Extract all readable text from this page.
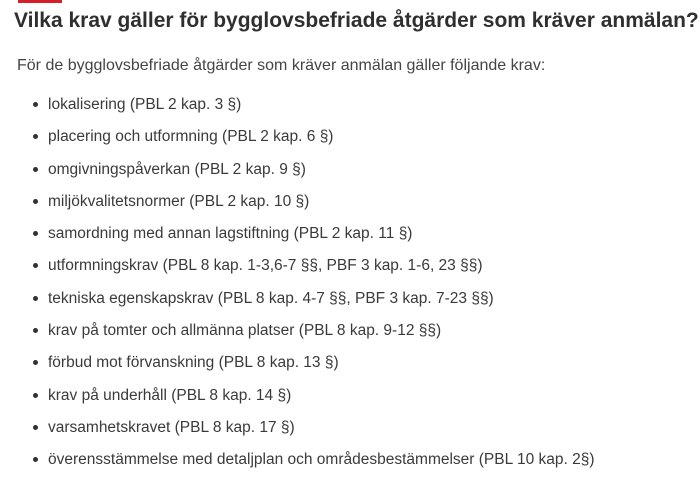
Vilka krav gäller för bygglovsbefriade åtgärder som kräver anmälan?

För de bygglovsbefriade åtgärder som kräver anmälan gäller följande krav:

lokalisering (PBL 2 kap. 3 §)
placering och utformning (PBL 2 kap. 6 §)
omgivningspåverkan (PBL 2 kap. 9 §)
miljökvalitetsnormer (PBL 2 kap. 10 §)
samordning med annan lagstiftning (PBL 2 kap. 11 §)
utformningskrav (PBL 8 kap. 1-3,6-7 §§, PBF 3 kap. 1-6, 23 §§)
tekniska egenskapskrav (PBL 8 kap. 4-7 §§, PBF 3 kap. 7-23 §§)
krav på tomter och allmänna platser (PBL 8 kap. 9-12 §§)
förbud mot förvanskning (PBL 8 kap. 13 §)
krav på underhåll (PBL 8 kap. 14 §)
varsamhetskravet (PBL 8 kap. 17 §)
överensstämmelse med detaljplan och områdesbestämmelser (PBL 10 kap. 2§)
